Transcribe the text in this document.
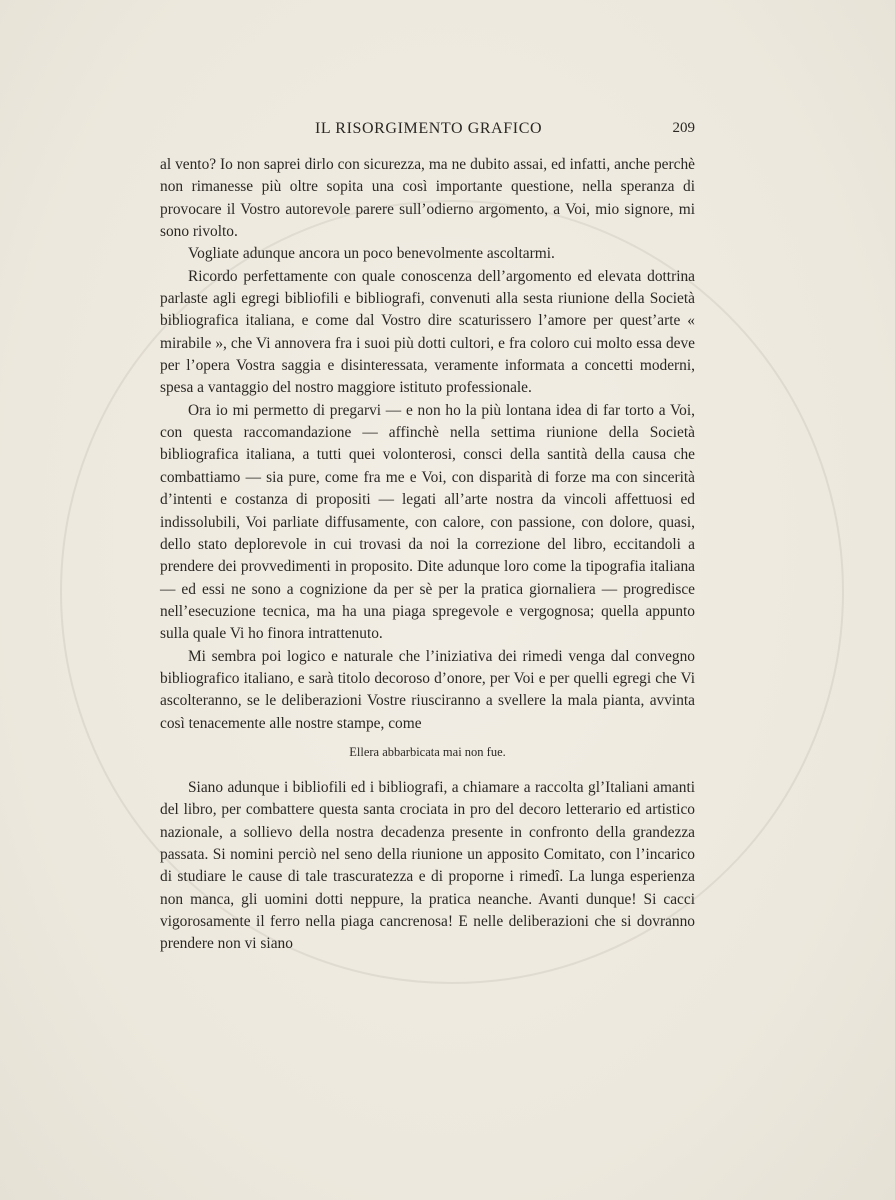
IL RISORGIMENTO GRAFICO	209

al vento? Io non saprei dirlo con sicurezza, ma ne dubito assai, ed infatti, anche perchè non rimanesse più oltre sopita una così importante questione, nella speranza di provocare il Vostro autorevole parere sull’odierno argomento, a Voi, mio signore, mi sono rivolto.

Vogliate adunque ancora un poco benevolmente ascoltarmi.

Ricordo perfettamente con quale conoscenza dell’argomento ed elevata dottrina parlaste agli egregi bibliofili e bibliografi, convenuti alla sesta riunione della Società bibliografica italiana, e come dal Vostro dire scaturissero l’amore per quest’arte « mirabile », che Vi annovera fra i suoi più dotti cultori, e fra coloro cui molto essa deve per l’opera Vostra saggia e disinteressata, veramente informata a concetti moderni, spesa a vantaggio del nostro maggiore istituto professionale.

Ora io mi permetto di pregarvi — e non ho la più lontana idea di far torto a Voi, con questa raccomandazione — affinchè nella settima riunione della Società bibliografica italiana, a tutti quei volonterosi, consci della santità della causa che combattiamo — sia pure, come fra me e Voi, con disparità di forze ma con sincerità d’intenti e costanza di propositi — legati all’arte nostra da vincoli affettuosi ed indissolubili, Voi parliate diffusamente, con calore, con passione, con dolore, quasi, dello stato deplorevole in cui trovasi da noi la correzione del libro, eccitandoli a prendere dei provvedimenti in proposito. Dite adunque loro come la tipografia italiana — ed essi ne sono a cognizione da per sè per la pratica giornaliera — progredisce nell’esecuzione tecnica, ma ha una piaga spregevole e vergognosa; quella appunto sulla quale Vi ho finora intrattenuto.

Mi sembra poi logico e naturale che l’iniziativa dei rimedi venga dal convegno bibliografico italiano, e sarà titolo decoroso d’onore, per Voi e per quelli egregi che Vi ascolteranno, se le deliberazioni Vostre riusciranno a svellere la mala pianta, avvinta così tenacemente alle nostre stampe, come

Ellera abbarbicata mai non fue.

Siano adunque i bibliofili ed i bibliografi, a chiamare a raccolta gl’Italiani amanti del libro, per combattere questa santa crociata in pro del decoro letterario ed artistico nazionale, a sollievo della nostra decadenza presente in confronto della grandezza passata. Si nomini perciò nel seno della riunione un apposito Comitato, con l’incarico di studiare le cause di tale trascuratezza e di proporne i rimedî. La lunga esperienza non manca, gli uomini dotti neppure, la pratica neanche. Avanti dunque! Si cacci vigorosamente il ferro nella piaga cancrenosa! E nelle deliberazioni che si dovranno prendere non vi siano
